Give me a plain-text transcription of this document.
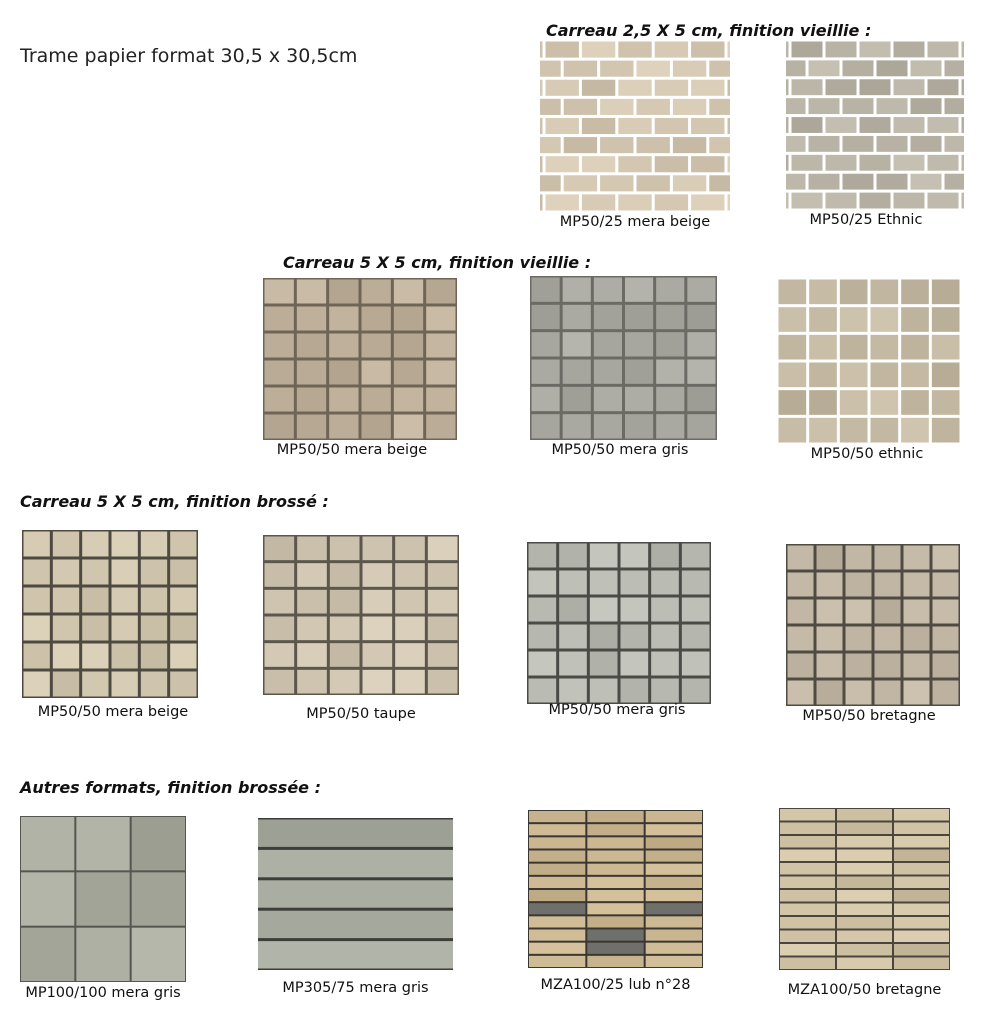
Trame papier format 30,5 x 30,5cm
Carreau 2,5 X 5 cm, finition vieillie :
MP50/25 mera beige	MP50/25 Ethnic
Carreau 5 X 5 cm, finition vieillie :
MP50/50 mera beige	MP50/50 mera gris	MP50/50 ethnic
Carreau 5 X 5 cm, finition brossé :
MP50/50 mera beige	MP50/50 taupe	MP50/50 mera gris	MP50/50 bretagne
Autres formats, finition brossée :
MP100/100 mera gris	MP305/75 mera gris	MZA100/25 lub n°28	MZA100/50 bretagne
